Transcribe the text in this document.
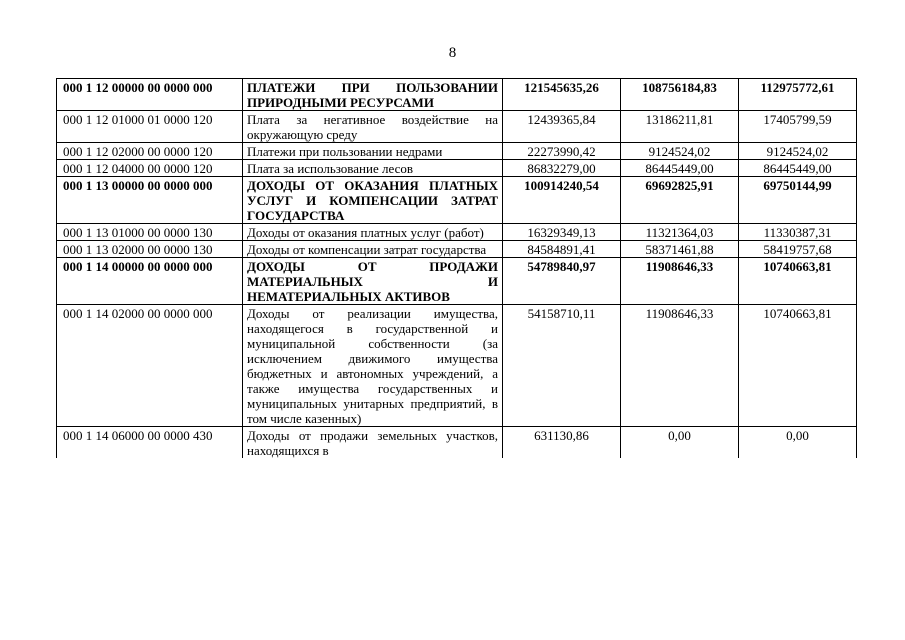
8
000 1 12 00000 00 0000 000	ПЛАТЕЖИ ПРИ ПОЛЬЗОВАНИИ ПРИРОДНЫМИ РЕСУРСАМИ	121545635,26	108756184,83	112975772,61
000 1 12 01000 01 0000 120	Плата за негативное воздействие на окружающую среду	12439365,84	13186211,81	17405799,59
000 1 12 02000 00 0000 120	Платежи при пользовании недрами	22273990,42	9124524,02	9124524,02
000 1 12 04000 00 0000 120	Плата за использование лесов	86832279,00	86445449,00	86445449,00
000 1 13 00000 00 0000 000	ДОХОДЫ ОТ ОКАЗАНИЯ ПЛАТНЫХ УСЛУГ И КОМПЕНСАЦИИ ЗАТРАТ ГОСУДАРСТВА	100914240,54	69692825,91	69750144,99
000 1 13 01000 00 0000 130	Доходы от оказания платных услуг (работ)	16329349,13	11321364,03	11330387,31
000 1 13 02000 00 0000 130	Доходы от компенсации затрат государства	84584891,41	58371461,88	58419757,68
000 1 14 00000 00 0000 000	ДОХОДЫ ОТ ПРОДАЖИ МАТЕРИАЛЬНЫХ И НЕМАТЕРИАЛЬНЫХ АКТИВОВ	54789840,97	11908646,33	10740663,81
000 1 14 02000 00 0000 000	Доходы от реализации имущества, находящегося в государственной и муниципальной собственности (за исключением движимого имущества бюджетных и автономных учреждений, а также имущества государственных и муниципальных унитарных предприятий, в том числе казенных)	54158710,11	11908646,33	10740663,81
000 1 14 06000 00 0000 430	Доходы от продажи земельных участков, находящихся в	631130,86	0,00	0,00
